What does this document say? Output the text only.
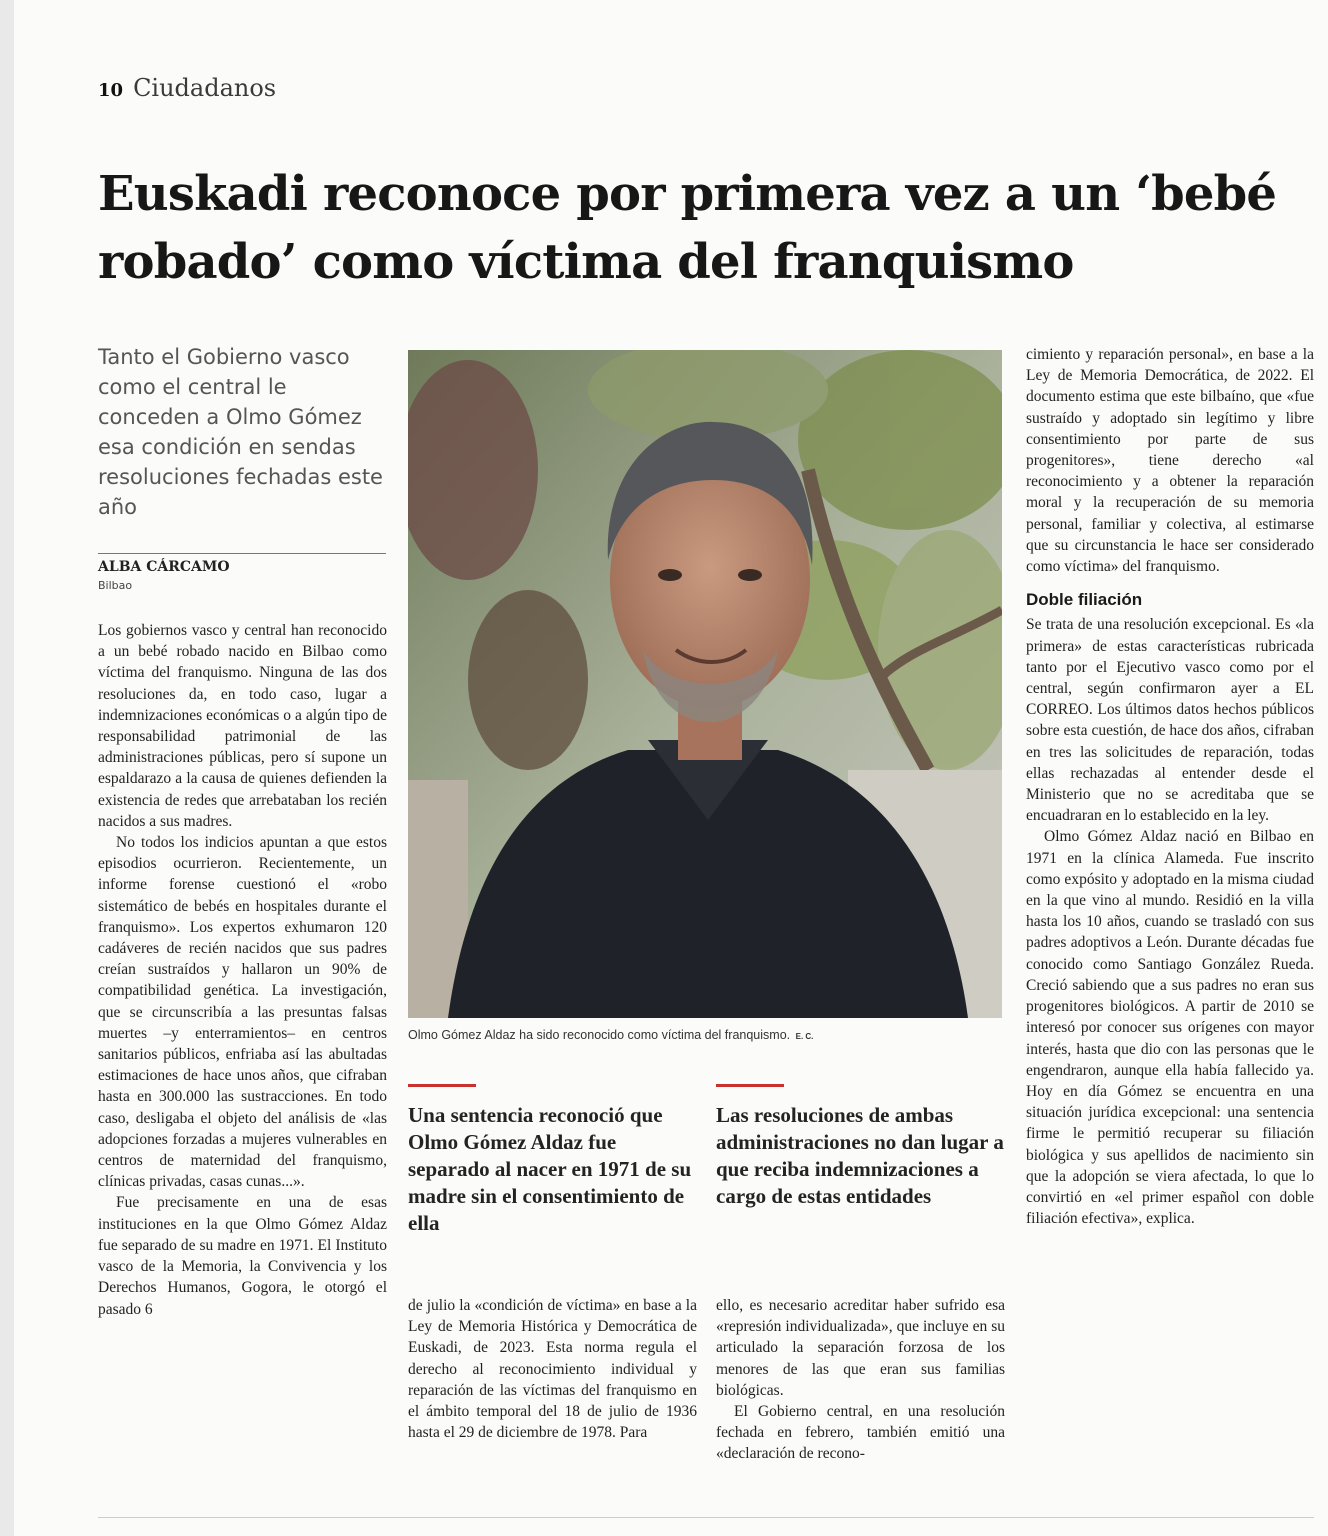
10 Ciudadanos
Euskadi reconoce por primera vez a un ‘bebé robado’ como víctima del franquismo
Tanto el Gobierno vasco como el central le conceden a Olmo Gómez esa condición en sendas resoluciones fechadas este año
ALBA CÁRCAMO
Bilbao

Los gobiernos vasco y central han reconocido a un bebé robado nacido en Bilbao como víctima del franquismo. Ninguna de las dos resoluciones da, en todo caso, lugar a indemnizaciones económicas o a algún tipo de responsabilidad patrimonial de las administraciones públicas, pero sí supone un espaldarazo a la causa de quienes defienden la existencia de redes que arrebataban los recién nacidos a sus madres.

No todos los indicios apuntan a que estos episodios ocurrieron. Recientemente, un informe forense cuestionó el «robo sistemático de bebés en hospitales durante el franquismo». Los expertos exhumaron 120 cadáveres de recién nacidos que sus padres creían sustraídos y hallaron un 90% de compatibilidad genética. La investigación, que se circunscribía a las presuntas falsas muertes –y enterramientos– en centros sanitarios públicos, enfriaba así las abultadas estimaciones de hace unos años, que cifraban hasta en 300.000 las sustracciones. En todo caso, desligaba el objeto del análisis de «las adopciones forzadas a mujeres vulnerables en centros de maternidad del franquismo, clínicas privadas, casas cunas...».

Fue precisamente en una de esas instituciones en la que Olmo Gómez Aldaz fue separado de su madre en 1971. El Instituto vasco de la Memoria, la Convivencia y los Derechos Humanos, Gogora, le otorgó el pasado 6

Olmo Gómez Aldaz ha sido reconocido como víctima del franquismo. E. C.

Una sentencia reconoció que Olmo Gómez Aldaz fue separado al nacer en 1971 de su madre sin el consentimiento de ella

Las resoluciones de ambas administraciones no dan lugar a que reciba indemnizaciones a cargo de estas entidades

de julio la «condición de víctima» en base a la Ley de Memoria Histórica y Democrática de Euskadi, de 2023. Esta norma regula el derecho al reconocimiento individual y reparación de las víctimas del franquismo en el ámbito temporal del 18 de julio de 1936 hasta el 29 de diciembre de 1978. Para

ello, es necesario acreditar haber sufrido esa «represión individualizada», que incluye en su articulado la separación forzosa de los menores de las que eran sus familias biológicas.

El Gobierno central, en una resolución fechada en febrero, también emitió una «declaración de recono-

cimiento y reparación personal», en base a la Ley de Memoria Democrática, de 2022. El documento estima que este bilbaíno, que «fue sustraído y adoptado sin legítimo y libre consentimiento por parte de sus progenitores», tiene derecho «al reconocimiento y a obtener la reparación moral y la recuperación de su memoria personal, familiar y colectiva, al estimarse que su circunstancia le hace ser considerado como víctima» del franquismo.

Doble filiación

Se trata de una resolución excepcional. Es «la primera» de estas características rubricada tanto por el Ejecutivo vasco como por el central, según confirmaron ayer a EL CORREO. Los últimos datos hechos públicos sobre esta cuestión, de hace dos años, cifraban en tres las solicitudes de reparación, todas ellas rechazadas al entender desde el Ministerio que no se acreditaba que se encuadraran en lo establecido en la ley.

Olmo Gómez Aldaz nació en Bilbao en 1971 en la clínica Alameda. Fue inscrito como expósito y adoptado en la misma ciudad en la que vino al mundo. Residió en la villa hasta los 10 años, cuando se trasladó con sus padres adoptivos a León. Durante décadas fue conocido como Santiago González Rueda. Creció sabiendo que a sus padres no eran sus progenitores biológicos. A partir de 2010 se interesó por conocer sus orígenes con mayor interés, hasta que dio con las personas que le engendraron, aunque ella había fallecido ya. Hoy en día Gómez se encuentra en una situación jurídica excepcional: una sentencia firme le permitió recuperar su filiación biológica y sus apellidos de nacimiento sin que la adopción se viera afectada, lo que lo convirtió en «el primer español con doble filiación efectiva», explica.
